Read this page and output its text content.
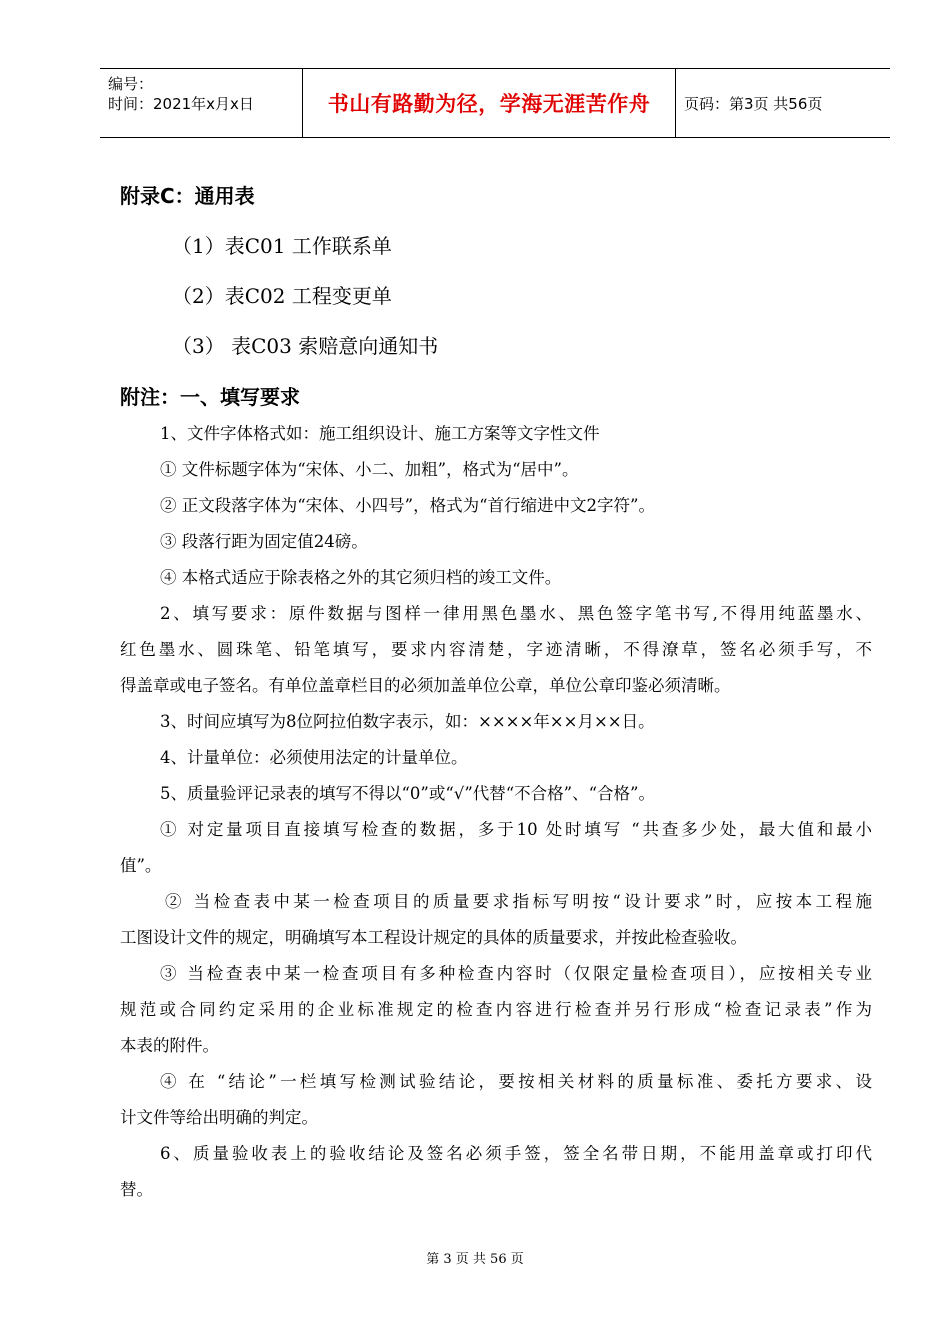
编号：
时间：2021年x月x日	书山有路勤为径，学海无涯苦作舟 页码：第3页 共56页
附录C：通用表
（1）表C01 工作联系单
（2）表C02 工程变更单
（3） 表C03 索赔意向通知书
附注：一、填写要求
1、文件字体格式如：施工组织设计、施工方案等文字性文件
① 文件标题字体为“宋体、小二、加粗”，格式为“居中”。
② 正文段落字体为“宋体、小四号”，格式为“首行缩进中文2字符”。
③ 段落行距为固定值24磅。
④ 本格式适应于除表格之外的其它须归档的竣工文件。
2、填写要求：原件数据与图样一律用黑色墨水、黑色签字笔书写,不得用纯蓝墨水、
红色墨水、圆珠笔、铅笔填写，要求内容清楚，字迹清晰，不得潦草，签名必须手写，不
得盖章或电子签名。有单位盖章栏目的必须加盖单位公章，单位公章印鉴必须清晰。
3、时间应填写为8位阿拉伯数字表示，如：××××年××月××日。
4、计量单位：必须使用法定的计量单位。
5、质量验评记录表的填写不得以“0”或“√”代替“不合格”、“合格”。
① 对定量项目直接填写检查的数据，多于10 处时填写 “共查多少处，最大值和最小
值”。
② 当检查表中某一检查项目的质量要求指标写明按“设计要求”时，应按本工程施
工图设计文件的规定，明确填写本工程设计规定的具体的质量要求，并按此检查验收。
③ 当检查表中某一检查项目有多种检查内容时（仅限定量检查项目），应按相关专业
规范或合同约定采用的企业标准规定的检查内容进行检查并另行形成“检查记录表”作为
本表的附件。
④ 在 “结论”一栏填写检测试验结论，要按相关材料的质量标准、委托方要求、设
计文件等给出明确的判定。
6、质量验收表上的验收结论及签名必须手签，签全名带日期，不能用盖章或打印代
替。
第 3 页 共 56 页
